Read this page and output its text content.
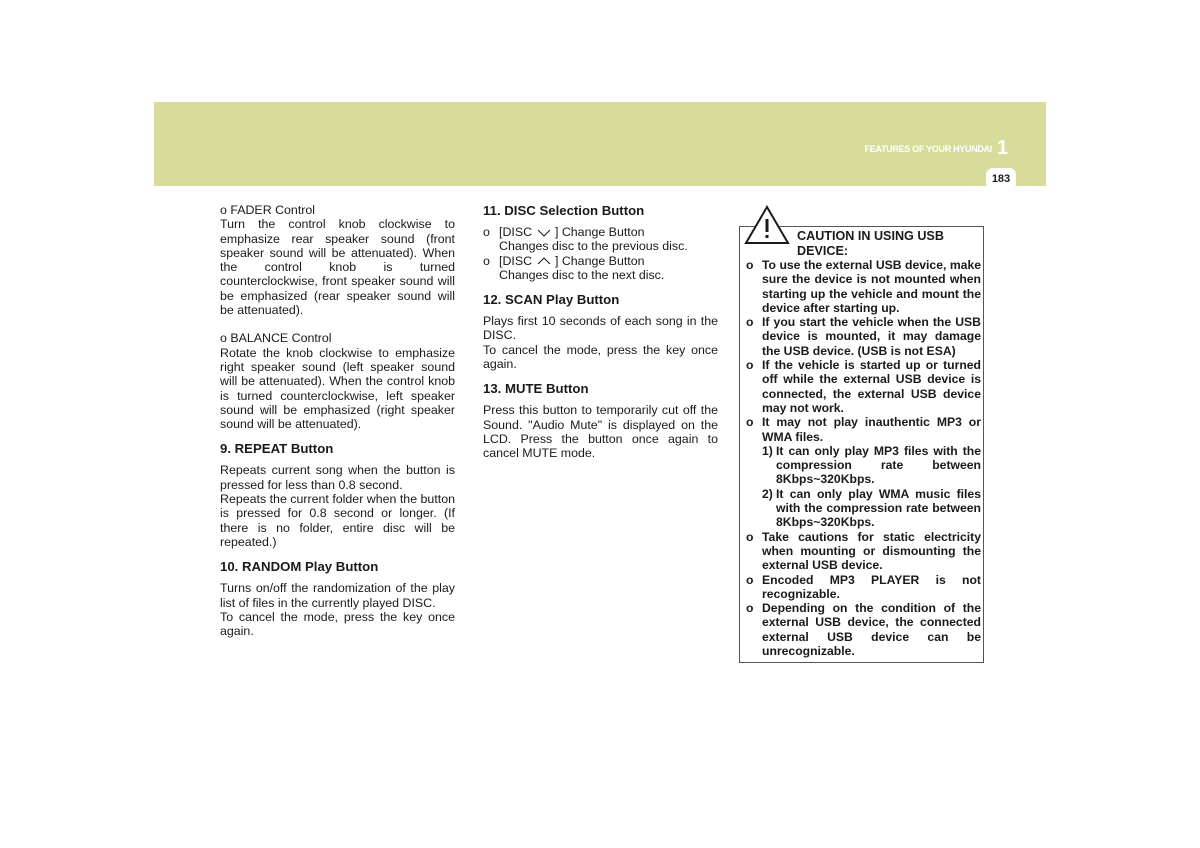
FEATURES OF YOUR HYUNDAI 1
183

o FADER Control

Turn the control knob clockwise to emphasize rear speaker sound (front speaker sound will be attenuated). When the control knob is turned counterclockwise, front speaker sound will be emphasized (rear speaker sound will be attenuated).

o BALANCE Control

Rotate the knob clockwise to emphasize right speaker sound (left speaker sound will be attenuated). When the control knob is turned counterclockwise, left speaker sound will be emphasized (right speaker sound will be attenuated).

9. REPEAT Button

Repeats current song when the button is pressed for less than 0.8 second.

Repeats the current folder when the button is pressed for 0.8 second or longer. (If there is no folder, entire disc will be repeated.)

10. RANDOM Play Button

Turns on/off the randomization of the play list of files in the currently played DISC.

To cancel the mode, press the key once again.

11. DISC Selection Button
o [DISC ] Change Button
Changes disc to the previous disc.
o [DISC ] Change Button
Changes disc to the next disc.
12. SCAN Play Button

Plays first 10 seconds of each song in the DISC.

To cancel the mode, press the key once again.

13. MUTE Button

Press this button to temporarily cut off the Sound. "Audio Mute" is displayed on the LCD. Press the button once again to cancel MUTE mode.

CAUTION IN USING USB DEVICE:
o To use the external USB device, make sure the device is not mounted when starting up the vehicle and mount the device after starting up.
o If you start the vehicle when the USB device is mounted, it may damage the USB device. (USB is not ESA)
o If the vehicle is started up or turned off while the external USB device is connected, the external USB device may not work.
o It may not play inauthentic MP3 or WMA files.
1) It can only play MP3 files with the compression rate between 8Kbps~320Kbps.
2) It can only play WMA music files with the compression rate between 8Kbps~320Kbps.
o Take cautions for static electricity when mounting or dismounting the external USB device.
o Encoded MP3 PLAYER is not recognizable.
o Depending on the condition of the external USB device, the connected external USB device can be unrecognizable.
